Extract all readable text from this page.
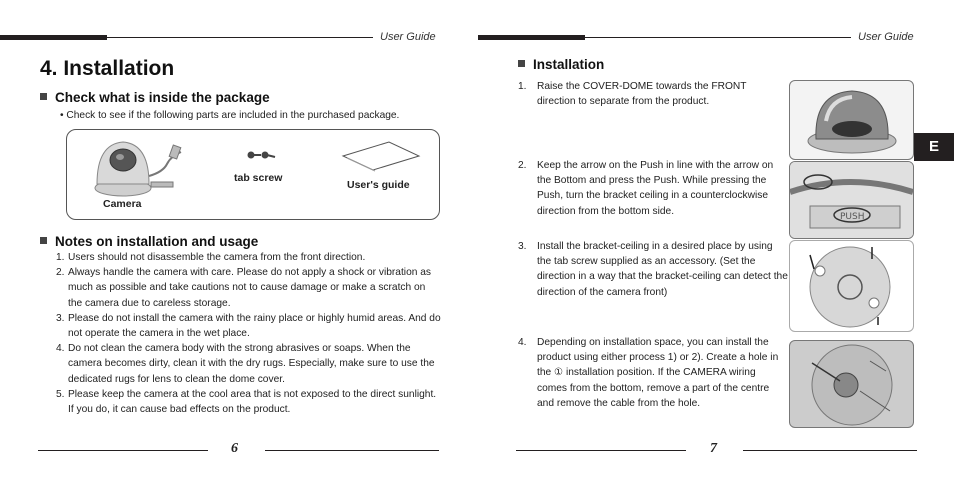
User Guide
4. Installation
Check what is inside the package
• Check to see if the following parts are included in the purchased package.
Camera
tab screw
User's guide
Notes on installation and usage
1. Users should not disassemble the camera from the front direction.
2. Always handle the camera with care. Please do not apply a shock or vibration as much as possible and take cautions not to cause damage or make a scratch on the camera due to careless storage.
3. Please do not install the camera with the rainy place or highly humid areas. And do not operate the camera in the wet place.
4. Do not clean the camera body with the strong abrasives or soaps. When the camera becomes dirty, clean it with the dry rugs. Especially, make sure to use the dedicated rugs for lens to clean the dome cover.
5. Please keep the camera at the cool area that is not exposed to the direct sunlight. If you do, it can cause bad effects on the product.
6
User Guide
Installation
1.	Raise the COVER-DOME towards the FRONT direction to separate from the product.
2.	Keep the arrow on the Push in line with the arrow on the Bottom and press the Push. While pressing the Push, turn the bracket ceiling in a counterclockwise direction from the bottom side.
3.	Install the bracket-ceiling in a desired place by using the tab screw supplied as an accessory. (Set the direction in a way that the bracket-ceiling can detect the direction of the camera front)
4.	Depending on installation space, you can install the product using either process 1) or 2). Create a hole in the ① installation position. If the CAMERA wiring comes from the bottom, remove a part of the centre and remove the cable from the hole.
PUSH
E
7
